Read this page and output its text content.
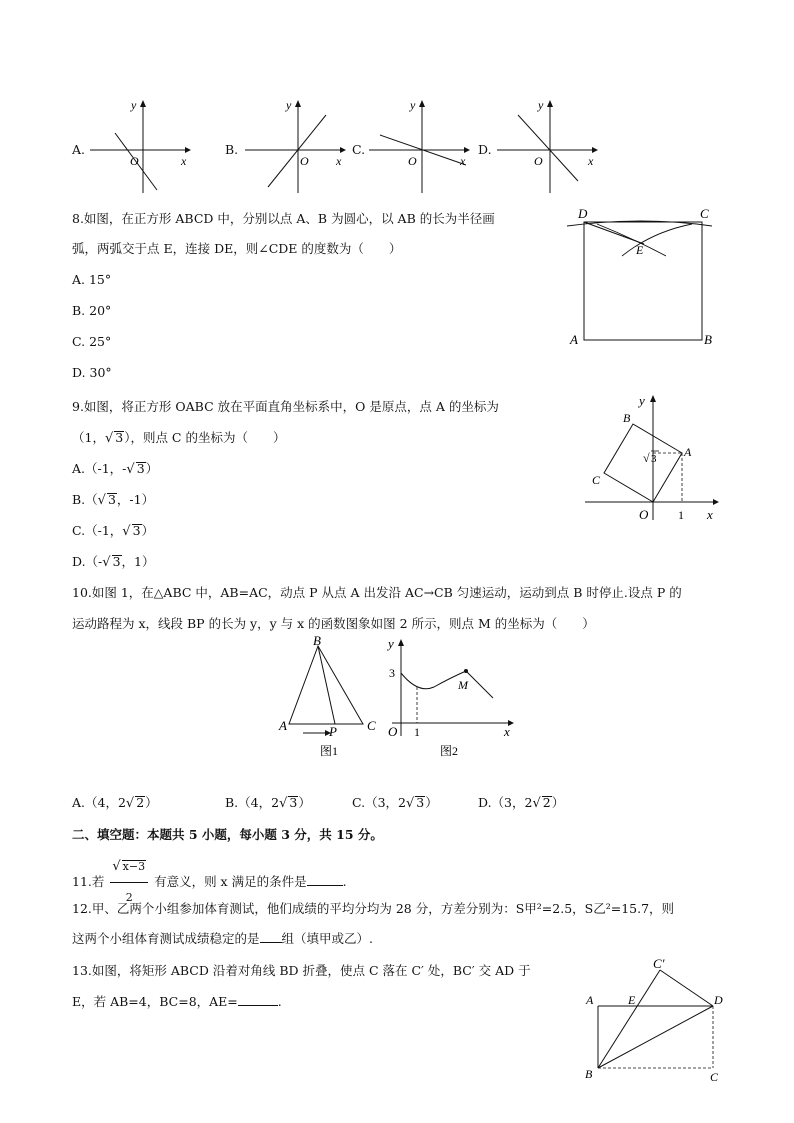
A.
y
x
O
B.
y
x
O
C.
y
x
O
D.
y
x
O
8.如图，在正方形 ABCD 中，分别以点 A、B 为圆心，以 AB 的长为半径画
弧，两弧交于点 E，连接 DE，则∠CDE 的度数为（　　）
A. 15°
B. 20°
C. 25°
D. 30°
D	C
E
A	B
9.如图，将正方形 OABC 放在平面直角坐标系中，O 是原点，点 A 的坐标为
（1，√ 3），则点 C 的坐标为（　　）
A.（-1，-√ 3）
B.（√ 3，-1）
C.（-1，√ 3）
D.（-√ 3，1）
y
B
A
C
O 1 x
√ 3
10.如图 1，在△ABC 中，AB=AC，动点 P 从点 A 出发沿 AC→CB 匀速运动，运动到点 B 时停止.设点 P 的
运动路程为 x，线段 BP 的长为 y，y 与 x 的函数图象如图 2 所示，则点 M 的坐标为（　　）
B
A	P C
图1
y
3
M
O 1	x
图2
A.（4，2√ 2）	B.（4，2√ 3）	C.（3，2√ 3）	D.（3，2√ 2）
二、填空题：本题共 5 小题，每小题 3 分，共 15 分。
11.若 $\frac{√ x-3}{2}$ 有意义，则 x 满足的条件是	.
12.甲、乙两个小组参加体育测试，他们成绩的平均分均为 28 分，方差分别为：S甲²=2.5，S乙²=15.7，则
这两个小组体育测试成绩稳定的是 组（填甲或乙）.
13.如图，将矩形 ABCD 沿着对角线 BD 折叠，使点 C 落在 C′ 处，BC′ 交 AD 于
E，若 AB=4，BC=8，AE=	.
C′
A	E	D
B	C
